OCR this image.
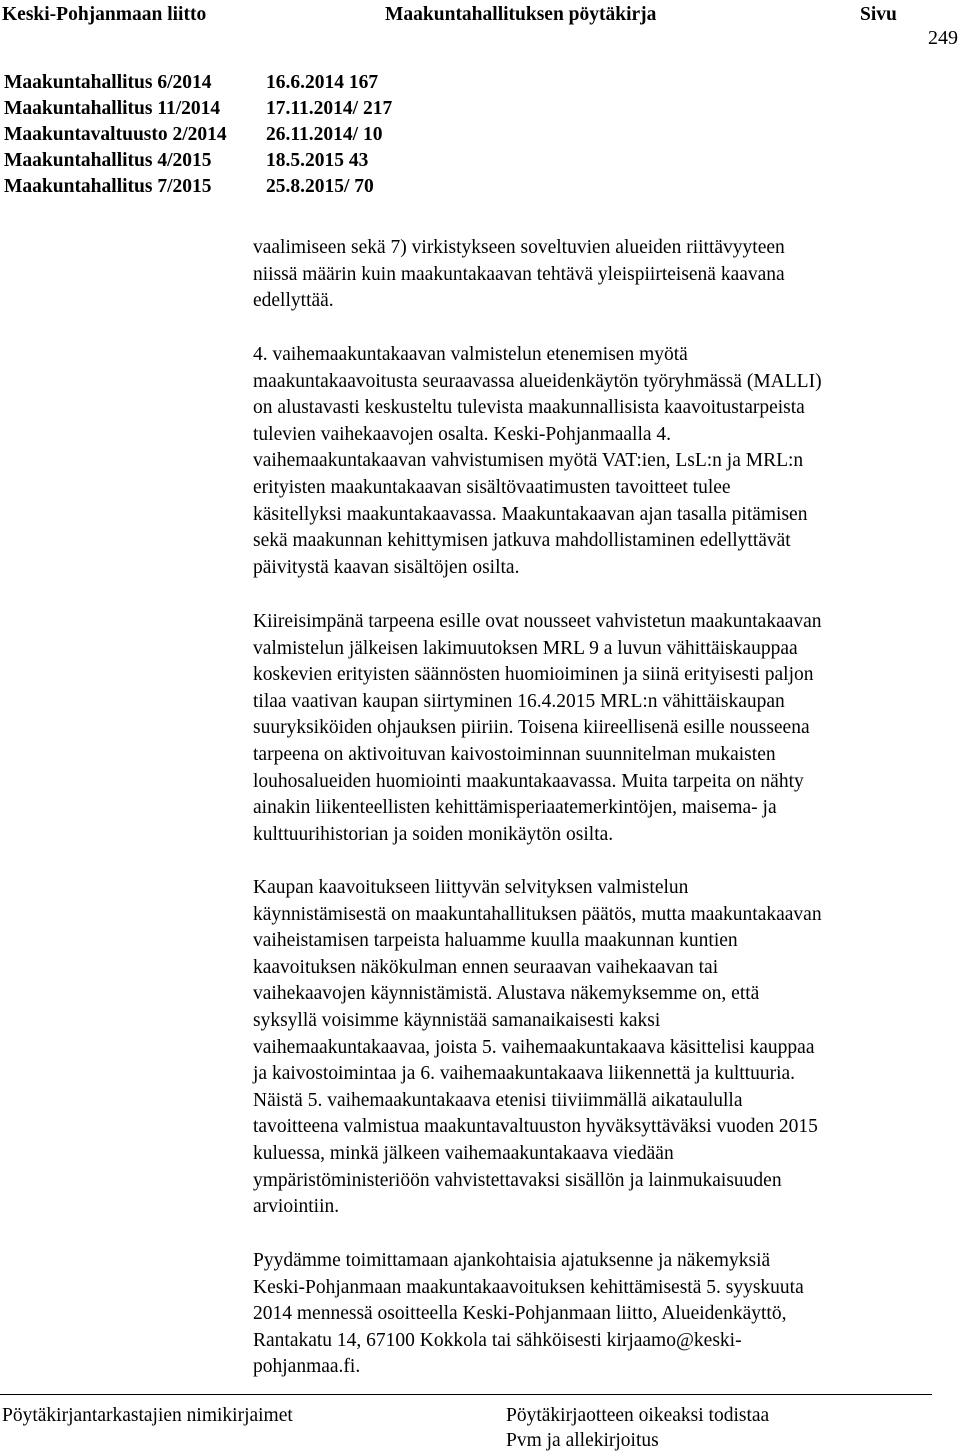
Keski-Pohjanmaan liitto	Maakuntahallituksen pöytäkirja	Sivu
249
Maakuntahallitus 6/2014	16.6.2014 167
Maakuntahallitus 11/2014 17.11.2014/ 217
Maakuntavaltuusto 2/2014 26.11.2014/ 10
Maakuntahallitus 4/2015	18.5.2015 43
Maakuntahallitus 7/2015	25.8.2015/ 70

vaalimiseen sekä 7) virkistykseen soveltuvien alueiden riittävyyteen
niissä määrin kuin maakuntakaavan tehtävä yleispiirteisenä kaavana
edellyttää.

4. vaihemaakuntakaavan valmistelun etenemisen myötä
maakuntakaavoitusta seuraavassa alueidenkäytön työryhmässä (MALLI)
on alustavasti keskusteltu tulevista maakunnallisista kaavoitustarpeista
tulevien vaihekaavojen osalta. Keski-Pohjanmaalla 4.
vaihemaakuntakaavan vahvistumisen myötä VAT:ien, LsL:n ja MRL:n
erityisten maakuntakaavan sisältövaatimusten tavoitteet tulee
käsitellyksi maakuntakaavassa. Maakuntakaavan ajan tasalla pitämisen
sekä maakunnan kehittymisen jatkuva mahdollistaminen edellyttävät
päivitystä kaavan sisältöjen osilta.

Kiireisimpänä tarpeena esille ovat nousseet vahvistetun maakuntakaavan
valmistelun jälkeisen lakimuutoksen MRL 9 a luvun vähittäiskauppaa
koskevien erityisten säännösten huomioiminen ja siinä erityisesti paljon
tilaa vaativan kaupan siirtyminen 16.4.2015 MRL:n vähittäiskaupan
suuryksiköiden ohjauksen piiriin. Toisena kiireellisenä esille nousseena
tarpeena on aktivoituvan kaivostoiminnan suunnitelman mukaisten
louhosalueiden huomiointi maakuntakaavassa. Muita tarpeita on nähty
ainakin liikenteellisten kehittämisperiaatemerkintöjen, maisema- ja
kulttuurihistorian ja soiden monikäytön osilta.

Kaupan kaavoitukseen liittyvän selvityksen valmistelun
käynnistämisestä on maakuntahallituksen päätös, mutta maakuntakaavan
vaiheistamisen tarpeista haluamme kuulla maakunnan kuntien
kaavoituksen näkökulman ennen seuraavan vaihekaavan tai
vaihekaavojen käynnistämistä. Alustava näkemyksemme on, että
syksyllä voisimme käynnistää samanaikaisesti kaksi
vaihemaakuntakaavaa, joista 5. vaihemaakuntakaava käsittelisi kauppaa
ja kaivostoimintaa ja 6. vaihemaakuntakaava liikennettä ja kulttuuria.
Näistä 5. vaihemaakuntakaava etenisi tiiviimmällä aikataululla
tavoitteena valmistua maakuntavaltuuston hyväksyttäväksi vuoden 2015
kuluessa, minkä jälkeen vaihemaakuntakaava viedään
ympäristöministeriöön vahvistettavaksi sisällön ja lainmukaisuuden
arviointiin.

Pyydämme toimittamaan ajankohtaisia ajatuksenne ja näkemyksiä
Keski-Pohjanmaan maakuntakaavoituksen kehittämisestä 5. syyskuuta
2014 mennessä osoitteella Keski-Pohjanmaan liitto, Alueidenkäyttö,
Rantakatu 14, 67100 Kokkola tai sähköisesti kirjaamo@keski-
pohjanmaa.fi.

Pöytäkirjantarkastajien nimikirjaimet	Pöytäkirjaotteen oikeaksi todistaa
Pvm ja allekirjoitus
